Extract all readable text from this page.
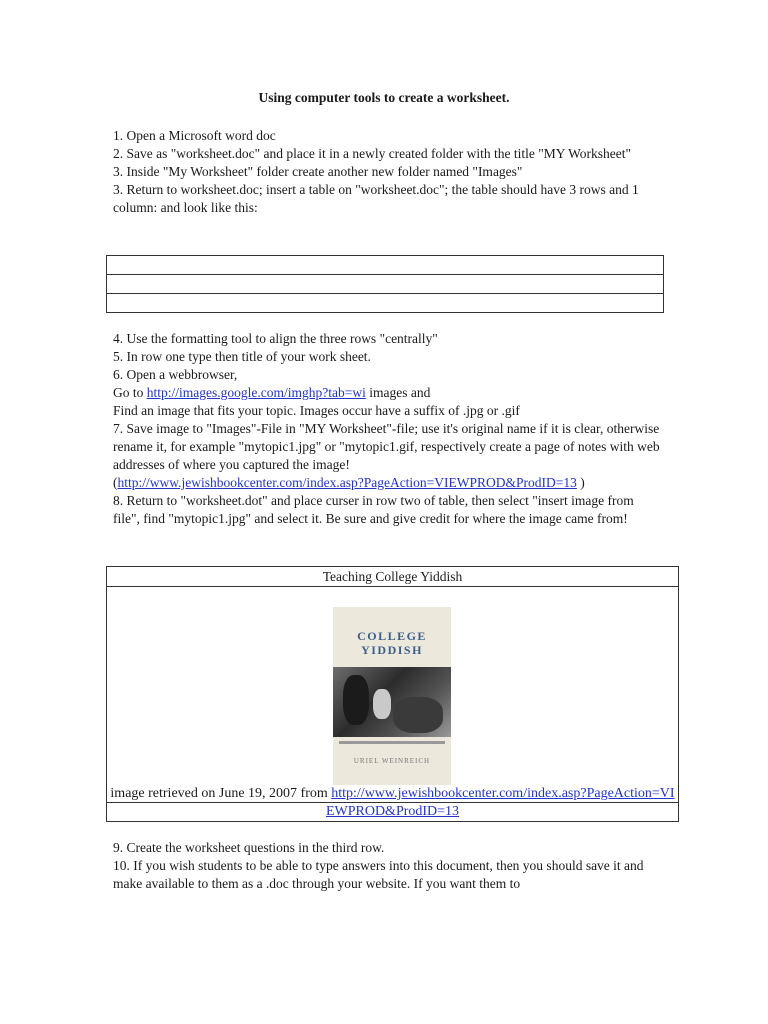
Using computer tools to create a worksheet.

1. Open a Microsoft word doc

2. Save as "worksheet.doc" and place it in a newly created folder with the title "MY Worksheet"

3. Inside "My Worksheet" folder create another new folder named "Images"

3. Return to worksheet.doc; insert a table on "worksheet.doc"; the table should have 3 rows and 1 column: and look like this:

4. Use the formatting tool to align the three rows "centrally"

5. In row one type then title of your work sheet.

6. Open a webbrowser,

Go to http://images.google.com/imghp?tab=wi images and

Find an image that fits your topic. Images occur have a suffix of .jpg or .gif

7. Save image to "Images"-File in "MY Worksheet"-file; use it's original name if it is clear, otherwise rename it, for example "mytopic1.jpg" or "mytopic1.gif, respectively create a page of notes with web addresses of where you captured the image!

(http://www.jewishbookcenter.com/index.asp?PageAction=VIEWPROD&ProdID=13 )

8. Return to "worksheet.dot" and place curser in row two of table, then select "insert image from file", find "mytopic1.jpg" and select it. Be sure and give credit for where the image came from!

Teaching College Yiddish
COLLEGE
YIDDISH
URIEL WEINREICH
image retrieved on June 19, 2007 from http://www.jewishbookcenter.com/index.asp?PageAction=VIEWPROD&ProdID=13

9. Create the worksheet questions in the third row.

10. If you wish students to be able to type answers into this document, then you should save it and make available to them as a .doc through your website. If you want them to
